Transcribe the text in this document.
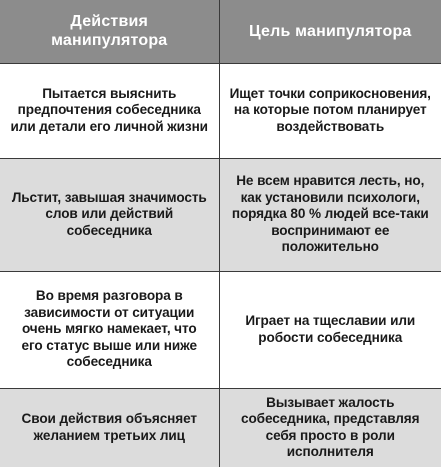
Действия манипулятора	Цель манипулятора
Пытается выяснить предпочтения собеседника или детали его личной жизни	Ищет точки соприкосновения, на которые потом планирует воздействовать
Льстит, завышая значимость слов или действий собеседника	Не всем нравится лесть, но, как установили психологи, порядка 80 % людей все-таки воспринимают ее положительно
Во время разговора в зависимости от ситуации очень мягко намекает, что его статус выше или ниже собеседника	Играет на тщеславии или робости собеседника
Свои действия объясняет желанием третьих лиц	Вызывает жалость собеседника, представляя себя просто в роли исполнителя
